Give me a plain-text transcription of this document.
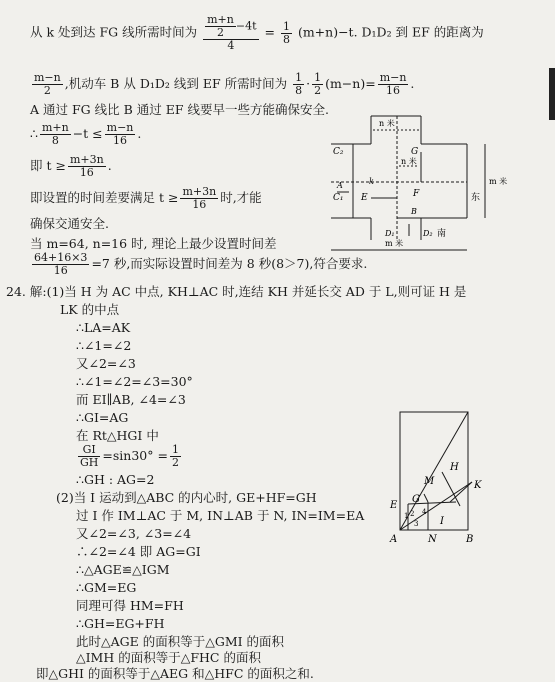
从 k 处到达 FG 线所需时间为 $\frac{\frac{m+n}{2} -4t}{4} = \frac{1}{8} (m+n)-t$. D₁D₂ 到 EF 的距离为
$\frac{m-n}{2}$ ,机动车 B 从 D₁D₂ 线到 EF 所需时间为 $\frac{1}{8} \cdot \frac{1}{2} (m-n)= \frac{m-n}{16}$ .
A 通过 FG 线比 B 通过 EF 线要早一些方能确保安全.
∴ $\frac{m+n}{8} -t \le \frac{m-n}{16}$ .
即 $t \ge \frac{m+3n}{16}$ .
即设置的时间差要满足 $t \ge \frac{m+3n}{16}$ 时,才能
确保交通安全.
当 m=64, n=16 时, 理论上最少设置时间差
$\frac{64+16\times 3}{16} =7$ 秒,而实际设置时间差为 8 秒(8＞7),符合要求.
24. 解:(1)当 H 为 AC 中点, KH⊥AC 时,连结 KH 并延长交 AD 于 L,则可证 H 是
LK 的中点
∴LA=AK
∴∠1=∠2
又∠2=∠3
∴∠1=∠2=∠3=30°
而 EI∥AB, ∠4=∠3
∴GI=AG
在 Rt△HGI 中
$\frac{GI}{GH} =\sin 30^\circ = \frac{1}{2}$
∴GH : AG=2
(2)当 I 运动到△ABC 的内心时, GE+HF=GH
过 I 作 IM⊥AC 于 M, IN⊥AB 于 N, IN=IM=EA
又∠2=∠3, ∠3=∠4
∴∠2=∠4 即 AG=GI
∴△AGE≌△IGM
∴GM=EG
同理可得 HM=FH
∴GH=EG+FH
此时△AGE 的面积等于△GMI 的面积
△IMH 的面积等于△FHC 的面积
即△GHI 的面积等于△AEG 和△HFC 的面积之和.
n 米
n 米
m 米
m 米
C₂	G
C₁ E	F
k
A
B
D₁	D₂
东
南
H
M	K
G
E
I
A	N	B
1 2
3
4
